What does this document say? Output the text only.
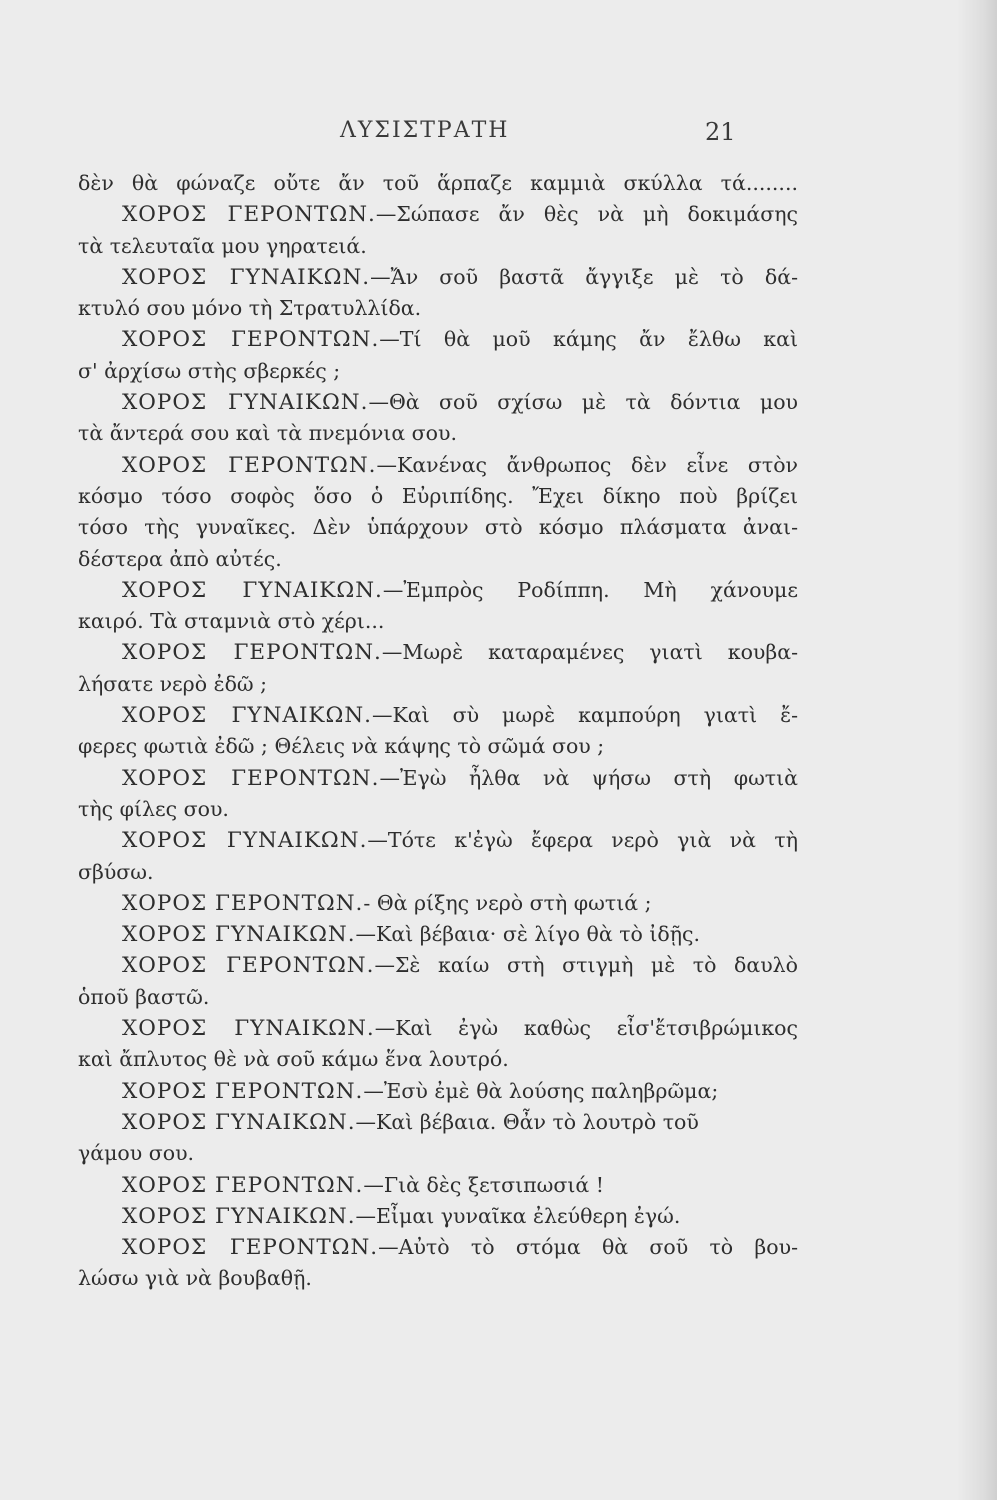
ΛΥΣΙΣΤΡΑΤΗ	21
δὲν θὰ φώναζε οὔτε ἄν τοῦ ἅρπαζε καμμιὰ σκύλλα τά........
ΧΟΡΟΣ ΓΕΡΟΝΤΩΝ.—Σώπασε ἄν θὲς νὰ μὴ δοκιμάσης
τὰ τελευταῖα μου γηρατειά.
ΧΟΡΟΣ ΓΥΝΑΙΚΩΝ.—Ἄν σοῦ βαστᾶ ἄγγιξε μὲ τὸ δά-
κτυλό σου μόνο τὴ Στρατυλλίδα.
ΧΟΡΟΣ ΓΕΡΟΝΤΩΝ.—Τί θὰ μοῦ κάμης ἄν ἔλθω καὶ
σ' ἀρχίσω στὴς σβερκές ;
ΧΟΡΟΣ ΓΥΝΑΙΚΩΝ.—Θὰ σοῦ σχίσω μὲ τὰ δόντια μου
τὰ ἄντερά σου καὶ τὰ πνεμόνια σου.
ΧΟΡΟΣ ΓΕΡΟΝΤΩΝ.—Κανένας ἄνθρωπος δὲν εἶνε στὸν
κόσμο τόσο σοφὸς ὅσο ὁ Εὐριπίδης. Ἔχει δίκηο ποὺ βρίζει
τόσο τὴς γυναῖκες. Δὲν ὑπάρχουν στὸ κόσμο πλάσματα ἀναι-
δέστερα ἀπὸ αὐτές.
ΧΟΡΟΣ ΓΥΝΑΙΚΩΝ.—Ἐμπρὸς Ροδίππη. Μὴ χάνουμε
καιρό. Τὰ σταμνιὰ στὸ χέρι...
ΧΟΡΟΣ ΓΕΡΟΝΤΩΝ.—Μωρὲ καταραμένες γιατὶ κουβα-
λήσατε νερὸ ἐδῶ ;
ΧΟΡΟΣ ΓΥΝΑΙΚΩΝ.—Καὶ σὺ μωρὲ καμπούρη γιατὶ ἔ-
φερες φωτιὰ ἐδῶ ; Θέλεις νὰ κάψης τὸ σῶμά σου ;
ΧΟΡΟΣ ΓΕΡΟΝΤΩΝ.—Ἐγὼ ἦλθα νὰ ψήσω στὴ φωτιὰ
τὴς φίλες σου.
ΧΟΡΟΣ ΓΥΝΑΙΚΩΝ.—Τότε κ'ἐγὼ ἔφερα νερὸ γιὰ νὰ τὴ
σβύσω.
ΧΟΡΟΣ ΓΕΡΟΝΤΩΝ.- Θὰ ρίξης νερὸ στὴ φωτιά ;
ΧΟΡΟΣ ΓΥΝΑΙΚΩΝ.—Καὶ βέβαια· σὲ λίγο θὰ τὸ ἰδῇς.
ΧΟΡΟΣ ΓΕΡΟΝΤΩΝ.—Σὲ καίω στὴ στιγμὴ μὲ τὸ δαυλὸ
ὁποῦ βαστῶ.
ΧΟΡΟΣ ΓΥΝΑΙΚΩΝ.—Καὶ ἐγὼ καθὼς εἶσ'ἔτσιβρώμικος
καὶ ἄπλυτος θὲ νὰ σοῦ κάμω ἕνα λουτρό.
ΧΟΡΟΣ ΓΕΡΟΝΤΩΝ.—Ἐσὺ ἐμὲ θὰ λούσης παληβρῶμα;
ΧΟΡΟΣ ΓΥΝΑΙΚΩΝ.—Καὶ βέβαια. Θἆν τὸ λουτρὸ τοῦ
γάμου σου.
ΧΟΡΟΣ ΓΕΡΟΝΤΩΝ.—Γιὰ δὲς ξετσιπωσιά !
ΧΟΡΟΣ ΓΥΝΑΙΚΩΝ.—Εἶμαι γυναῖκα ἐλεύθερη ἐγώ.
ΧΟΡΟΣ ΓΕΡΟΝΤΩΝ.—Αὐτὸ τὸ στόμα θὰ σοῦ τὸ βου-
λώσω γιὰ νὰ βουβαθῇ.
